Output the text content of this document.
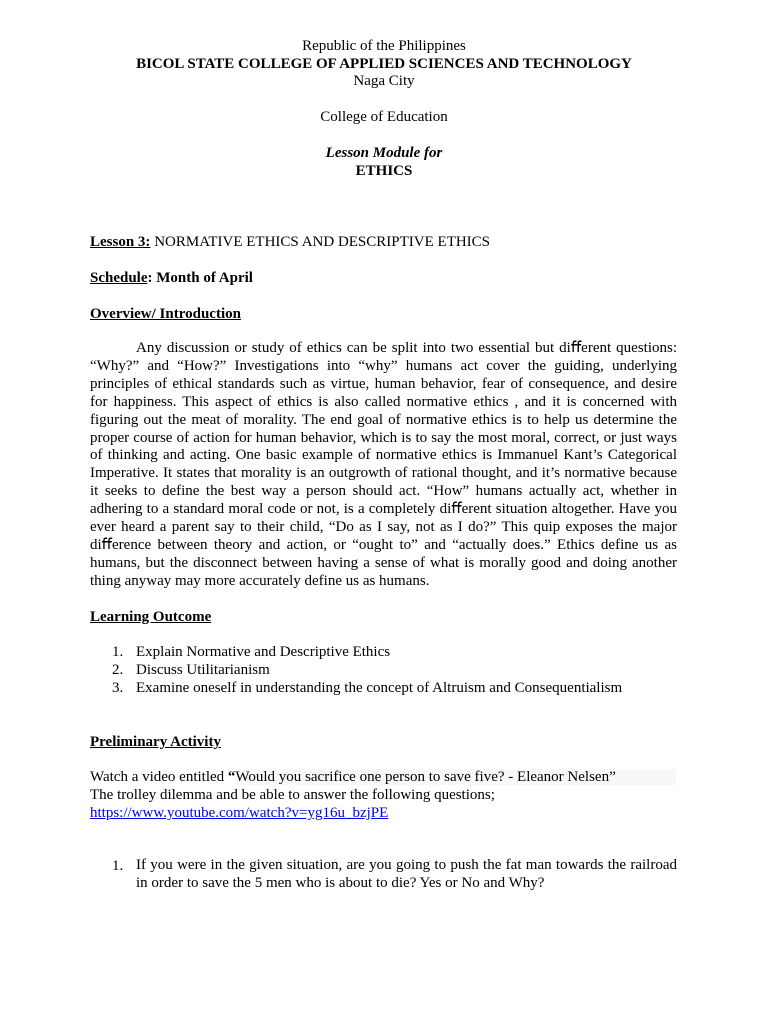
Republic of the Philippines
BICOL STATE COLLEGE OF APPLIED SCIENCES AND TECHNOLOGY
Naga City
College of Education
Lesson Module for
ETHICS
Lesson 3: NORMATIVE ETHICS AND DESCRIPTIVE ETHICS
Schedule: Month of April
Overview/ Introduction
Any discussion or study of ethics can be split into two essential but diﬀerent questions: “Why?” and “How?” Investigations into “why” humans act cover the guiding, underlying principles of ethical standards such as virtue, human behavior, fear of consequence, and desire for happiness. This aspect of ethics is also called normative ethics , and it is concerned with figuring out the meat of morality. The end goal of normative ethics is to help us determine the proper course of action for human behavior, which is to say the most moral, correct, or just ways of thinking and acting. One basic example of normative ethics is Immanuel Kant’s Categorical Imperative. It states that morality is an outgrowth of rational thought, and it’s normative because it seeks to define the best way a person should act. “How” humans actually act, whether in adhering to a standard moral code or not, is a completely diﬀerent situation altogether. Have you ever heard a parent say to their child, “Do as I say, not as I do?” This quip exposes the major diﬀerence between theory and action, or “ought to” and “actually does.” Ethics define us as humans, but the disconnect between having a sense of what is morally good and doing another thing anyway may more accurately define us as humans.
Learning Outcome
1. Explain Normative and Descriptive Ethics
2. Discuss Utilitarianism
3. Examine oneself in understanding the concept of Altruism and Consequentialism
Preliminary Activity
Watch a video entitled “Would you sacrifice one person to save five? - Eleanor Nelsen”
The trolley dilemma and be able to answer the following questions;
https://www.youtube.com/watch?v=yg16u_bzjPE
1. If you were in the given situation, are you going to push the fat man towards the railroad in order to save the 5 men who is about to die? Yes or No and Why?
